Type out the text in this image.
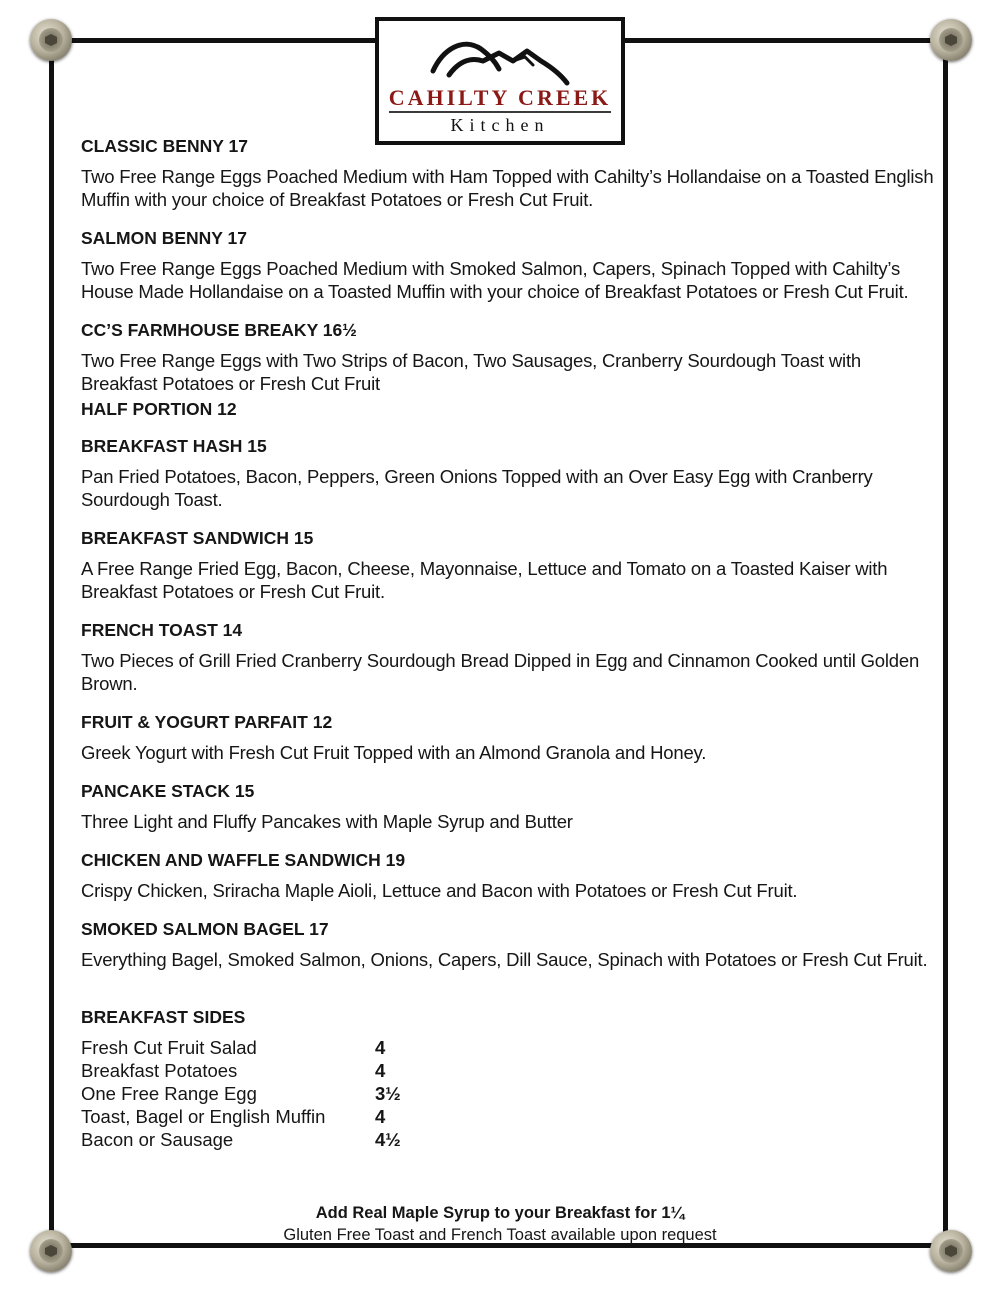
CAHILTY CREEK
Kitchen
CLASSIC BENNY 17
Two Free Range Eggs Poached Medium with Ham Topped with Cahilty’s Hollandaise on a Toasted English Muffin with your choice of Breakfast Potatoes or Fresh Cut Fruit.
SALMON BENNY 17
Two Free Range Eggs Poached Medium with Smoked Salmon, Capers, Spinach Topped with Cahilty’s House Made Hollandaise on a Toasted Muffin with your choice of Breakfast Potatoes or Fresh Cut Fruit.
CC’S FARMHOUSE BREAKY 16½
Two Free Range Eggs with Two Strips of Bacon, Two Sausages, Cranberry Sourdough Toast with Breakfast Potatoes or Fresh Cut Fruit
HALF PORTION 12
BREAKFAST HASH 15
Pan Fried Potatoes, Bacon, Peppers, Green Onions Topped with an Over Easy Egg with Cranberry Sourdough Toast.
BREAKFAST SANDWICH 15
A Free Range Fried Egg, Bacon, Cheese, Mayonnaise, Lettuce and Tomato on a Toasted Kaiser with Breakfast Potatoes or Fresh Cut Fruit.
FRENCH TOAST 14
Two Pieces of Grill Fried Cranberry Sourdough Bread Dipped in Egg and Cinnamon Cooked until Golden Brown.
FRUIT & YOGURT PARFAIT 12
Greek Yogurt with Fresh Cut Fruit Topped with an Almond Granola and Honey.
PANCAKE STACK 15
Three Light and Fluffy Pancakes with Maple Syrup and Butter
CHICKEN AND WAFFLE SANDWICH 19
Crispy Chicken, Sriracha Maple Aioli, Lettuce and Bacon with Potatoes or Fresh Cut Fruit.
SMOKED SALMON BAGEL 17
Everything Bagel, Smoked Salmon, Onions, Capers, Dill Sauce, Spinach with Potatoes or Fresh Cut Fruit.
BREAKFAST SIDES
Fresh Cut Fruit Salad	4
Breakfast Potatoes	4
One Free Range Egg	3½
Toast, Bagel or English Muffin	4
Bacon or Sausage	4½
Add Real Maple Syrup to your Breakfast for 1¼
Gluten Free Toast and French Toast available upon request
